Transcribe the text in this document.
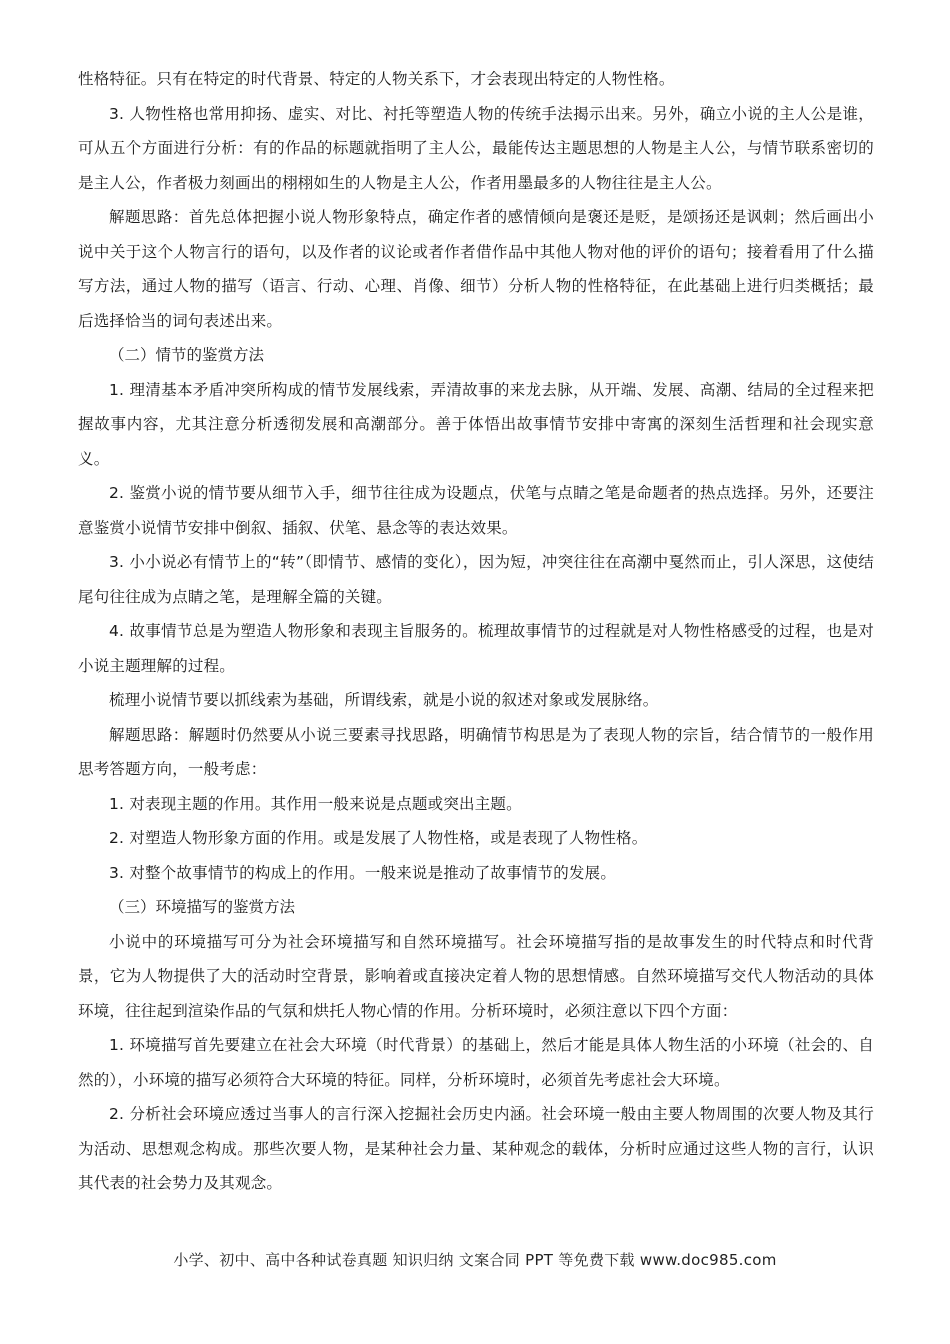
性格特征。只有在特定的时代背景、特定的人物关系下，才会表现出特定的人物性格。

3. 人物性格也常用抑扬、虚实、对比、衬托等塑造人物的传统手法揭示出来。另外，确立小说的主人公是谁，可从五个方面进行分析：有的作品的标题就指明了主人公，最能传达主题思想的人物是主人公，与情节联系密切的是主人公，作者极力刻画出的栩栩如生的人物是主人公，作者用墨最多的人物往往是主人公。

解题思路：首先总体把握小说人物形象特点，确定作者的感情倾向是褒还是贬，是颂扬还是讽刺；然后画出小说中关于这个人物言行的语句，以及作者的议论或者作者借作品中其他人物对他的评价的语句；接着看用了什么描写方法，通过人物的描写（语言、行动、心理、肖像、细节）分析人物的性格特征，在此基础上进行归类概括；最后选择恰当的词句表述出来。

（二）情节的鉴赏方法

1. 理清基本矛盾冲突所构成的情节发展线索，弄清故事的来龙去脉，从开端、发展、高潮、结局的全过程来把握故事内容，尤其注意分析透彻发展和高潮部分。善于体悟出故事情节安排中寄寓的深刻生活哲理和社会现实意义。

2. 鉴赏小说的情节要从细节入手，细节往往成为设题点，伏笔与点睛之笔是命题者的热点选择。另外，还要注意鉴赏小说情节安排中倒叙、插叙、伏笔、悬念等的表达效果。

3. 小小说必有情节上的“转”（即情节、感情的变化），因为短，冲突往往在高潮中戛然而止，引人深思，这使结尾句往往成为点睛之笔，是理解全篇的关键。

4. 故事情节总是为塑造人物形象和表现主旨服务的。梳理故事情节的过程就是对人物性格感受的过程，也是对小说主题理解的过程。

梳理小说情节要以抓线索为基础，所谓线索，就是小说的叙述对象或发展脉络。

解题思路：解题时仍然要从小说三要素寻找思路，明确情节构思是为了表现人物的宗旨，结合情节的一般作用思考答题方向，一般考虑：

1. 对表现主题的作用。其作用一般来说是点题或突出主题。

2. 对塑造人物形象方面的作用。或是发展了人物性格，或是表现了人物性格。

3. 对整个故事情节的构成上的作用。一般来说是推动了故事情节的发展。

（三）环境描写的鉴赏方法

小说中的环境描写可分为社会环境描写和自然环境描写。社会环境描写指的是故事发生的时代特点和时代背景，它为人物提供了大的活动时空背景，影响着或直接决定着人物的思想情感。自然环境描写交代人物活动的具体环境，往往起到渲染作品的气氛和烘托人物心情的作用。分析环境时，必须注意以下四个方面：

1. 环境描写首先要建立在社会大环境（时代背景）的基础上，然后才能是具体人物生活的小环境（社会的、自然的），小环境的描写必须符合大环境的特征。同样，分析环境时，必须首先考虑社会大环境。

2. 分析社会环境应透过当事人的言行深入挖掘社会历史内涵。社会环境一般由主要人物周围的次要人物及其行为活动、思想观念构成。那些次要人物，是某种社会力量、某种观念的载体，分析时应通过这些人物的言行，认识其代表的社会势力及其观念。

小学、初中、高中各种试卷真题 知识归纳 文案合同 PPT 等免费下载 www.doc985.com
